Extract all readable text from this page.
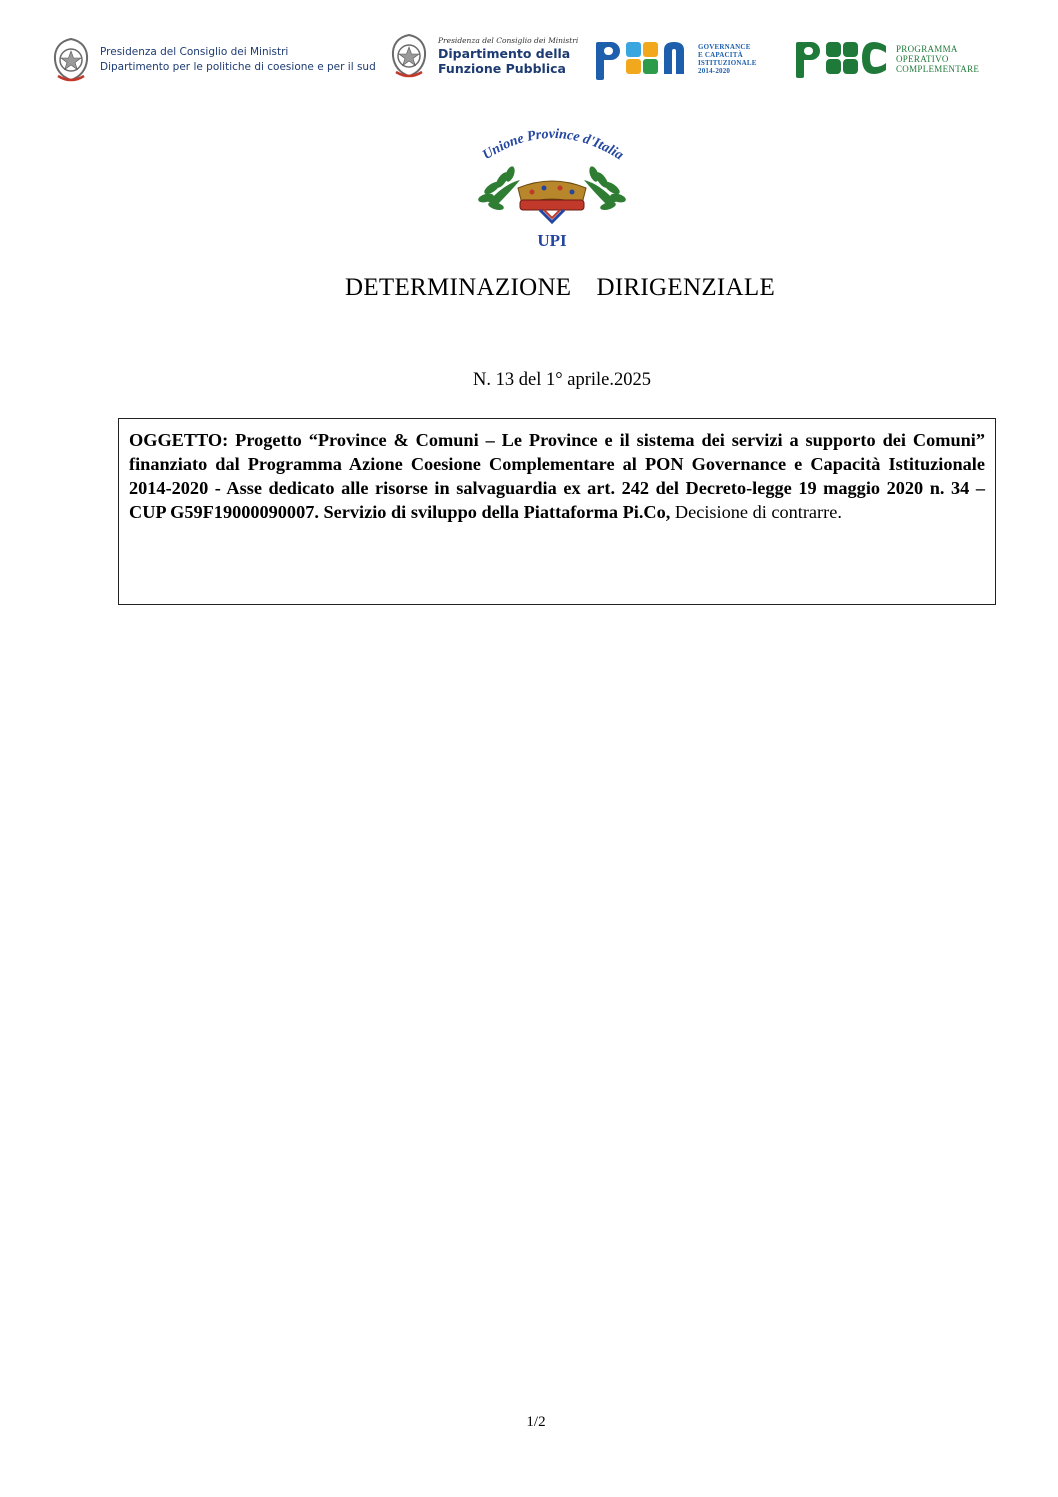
Presidenza del Consiglio dei Ministri
Dipartimento per le politiche di coesione e per il sud
Presidenza del Consiglio dei Ministri
Dipartimento della
Funzione Pubblica
GOVERNANCE
E CAPACITÀ
ISTITUZIONALE
2014-2020
PROGRAMMA
OPERATIVO
COMPLEMENTARE
Unione Province d'Italia
UPI
DETERMINAZIONE  DIRIGENZIALE
N. 13 del 1° aprile.2025

OGGETTO: Progetto “Province & Comuni – Le Province e il sistema dei servizi a supporto dei Comuni” finanziato dal Programma Azione Coesione Complementare al PON Governance e Capacità Istituzionale 2014-2020 - Asse dedicato alle risorse in salvaguardia ex art. 242 del Decreto-legge 19 maggio 2020 n. 34 – CUP G59F19000090007. Servizio di sviluppo della Piattaforma Pi.Co, Decisione di contrarre.

1/2
